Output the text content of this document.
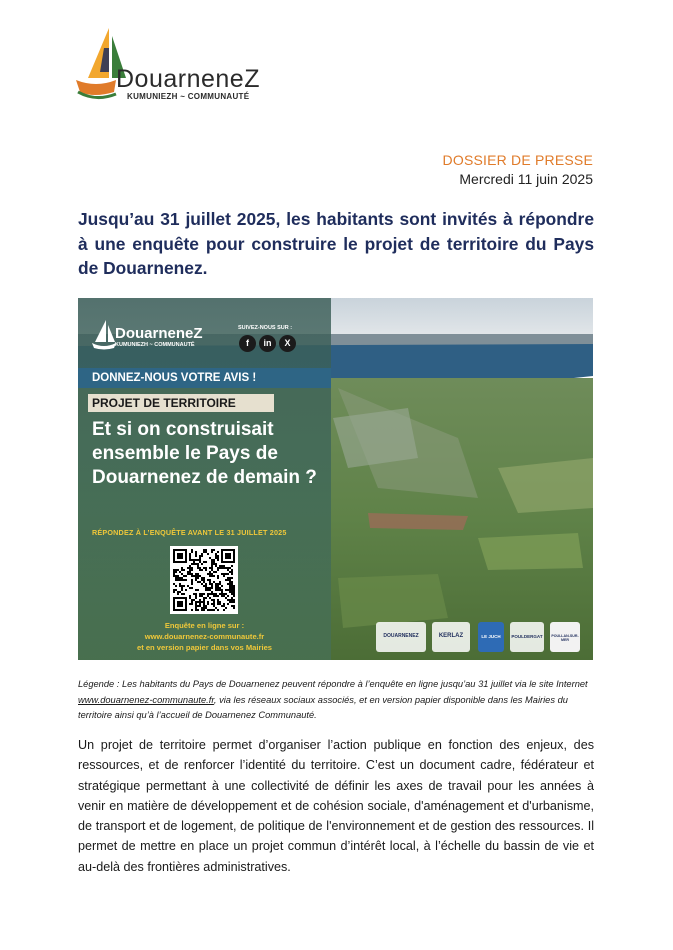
DouarneneZ
KUMUNIEZH ~ COMMUNAUTÉ
DOSSIER DE PRESSE
Mercredi 11 juin 2025
Jusqu’au 31 juillet 2025, les habitants sont invités à répondre à une enquête pour construire le projet de territoire du Pays de Douarnenez.
DouarneneZ
KUMUNIEZH ~ COMMUNAUTÉ
SUIVEZ-NOUS SUR :
f	in	X
DONNEZ-NOUS VOTRE AVIS !
PROJET DE TERRITOIRE
Et si on construisait ensemble le Pays de Douarnenez de demain ?
RÉPONDEZ À L’ENQUÊTE AVANT LE 31 JUILLET 2025
Enquête en ligne sur :
www.douarnenez-communaute.fr
et en version papier dans vos Mairies
DOUARNENEZ	KERLAZ	LE JUCH	POULDERGAT	POULLAN-SUR-MER
Légende : Les habitants du Pays de Douarnenez peuvent répondre à l’enquête en ligne jusqu’au 31 juillet via le site Internet www.douarnenez-communaute.fr, via les réseaux sociaux associés, et en version papier disponible dans les Mairies du territoire ainsi qu’à l’accueil de Douarnenez Communauté.
Un projet de territoire permet d’organiser l’action publique en fonction des enjeux, des ressources, et de renforcer l’identité du territoire. C’est un document cadre, fédérateur et stratégique permettant à une collectivité de définir les axes de travail pour les années à venir en matière de développement et de cohésion sociale, d'aménagement et d'urbanisme, de transport et de logement, de politique de l'environnement et de gestion des ressources. Il permet de mettre en place un projet commun d’intérêt local, à l’échelle du bassin de vie et au-delà des frontières administratives.
